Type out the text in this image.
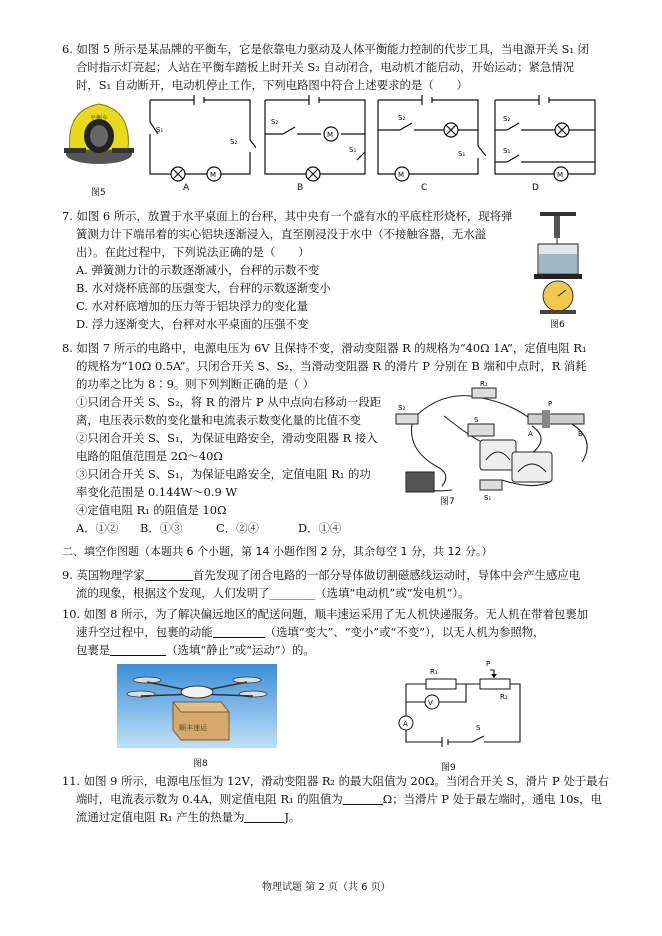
6. 如图 5 所示是某品牌的平衡车，它是依靠电力驱动及人体平衡能力控制的代步工具，当电源开关 S₁ 闭
合时指示灯亮起；人站在平衡车踏板上时开关 S₂ 自动闭合，电动机才能启动，开始运动；紧急情况
时，S₁ 自动断开，电动机停止工作，下列电路图中符合上述要求的是（　　）
平衡车
图5
S₁
S₂
M
A
S₂
M
S₁
B
S₂
S₁
M
C
S₂
S₁
M
D
7. 如图 6 所示，放置于水平桌面上的台秤，其中央有一个盛有水的平底柱形烧杯，现将弹
簧测力计下端吊着的实心铝块逐渐浸入，直至刚浸没于水中（不接触容器，无水溢
出）。在此过程中，下列说法正确的是（　　）
A. 弹簧测力计的示数逐渐减小，台秤的示数不变
B. 水对烧杯底部的压强变大，台秤的示数逐渐变小
C. 水对杯底增加的压力等于铝块浮力的变化量
D. 浮力逐渐变大，台秤对水平桌面的压强不变	图6
8. 如图 7 所示的电路中，电源电压为 6V 且保持不变，滑动变阻器 R 的规格为“40Ω 1A”，定值电阻 R₁
的规格为“10Ω 0.5A”。只闭合开关 S、S₂，当滑动变阻器 R 的滑片 P 分别在 B 端和中点时，R 消耗
的功率之比为 8∶9。则下列判断正确的是（ ）
①只闭合开关 S、S₂，将 R 的滑片 P 从中点向右移动一段距
离，电压表示数的变化量和电流表示数变化量的比值不变
②只闭合开关 S、S₁，为保证电路安全，滑动变阻器 R 接入
电路的阻值范围是 2Ω～40Ω
③只闭合开关 S、S₁，为保证电路安全，定值电阻 R₁ 的功
率变化范围是 0.144W～0.9 W
④定值电阻 R₁ 的阻值是 10Ω
A．①② B．①③	C．②④	D．①④
R₁
S
S₂
S₁
P
A	B
图7
二、填空作图题（本题共 6 个小题，第 14 小题作图 2 分，其余每空 1 分，共 12 分。）
9. 英国物理学家	首先发现了闭合电路的一部分导体做切割磁感线运动时，导体中会产生感应电
流的现象，根据这个发现，人们发明了________（选填“电动机”或“发电机”）。
10. 如图 8 所示，为了解决偏远地区的配送问题，顺丰速运采用了无人机快递服务。无人机在带着包裹加
速升空过程中，包裹的动能	（选填“变大”、“变小”或“不变”），以无人机为参照物，
包裹是	（选填“静止”或“运动”）的。
顺丰速运
图8
V
A
P
R₁
R₂
S
图9
11. 如图 9 所示，电源电压恒为 12V，滑动变阻器 R₂ 的最大阻值为 20Ω。当闭合开关 S，滑片 P 处于最右
端时，电流表示数为 0.4A，则定值电阻 R₁ 的阻值为	Ω；当滑片 P 处于最左端时，通电 10s，电
流通过定值电阻 R₁ 产生的热量为	J。
物理试题 第 2 页（共 6 页）
